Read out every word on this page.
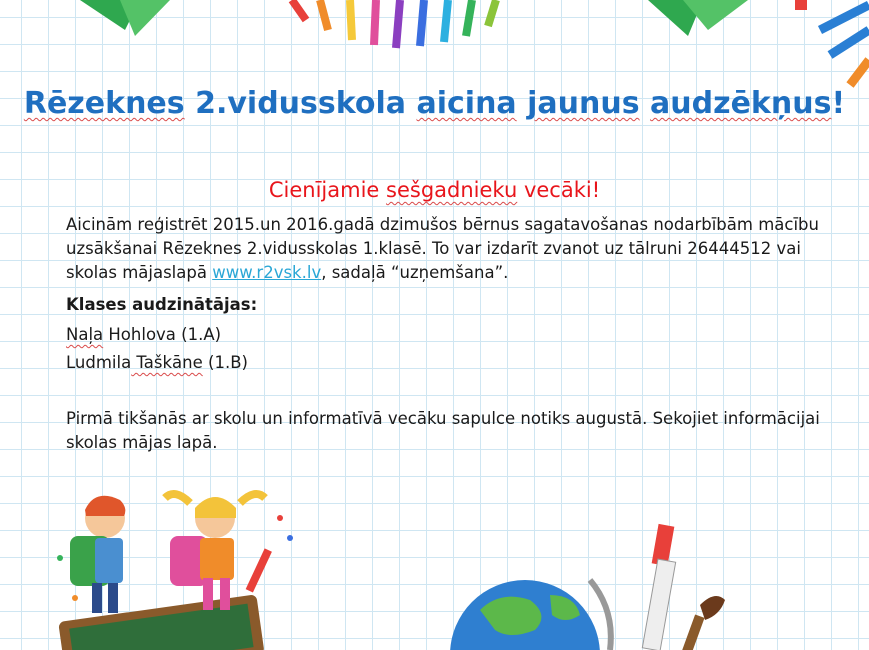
Rēzeknes 2.vidusskola aicina jaunus audzēkņus!
Cienījamie sešgadnieku vecāki!

Aicinām reģistrēt 2015.un 2016.gadā dzimušos bērnus sagatavošanas nodarbībām mācību uzsākšanai Rēzeknes 2.vidusskolas 1.klasē. To var izdarīt zvanot uz tālruni 26444512 vai skolas mājaslapā www.r2vsk.lv, sadaļā “uzņemšana”.

Klases audzinātājas:

Naļa Hohlova (1.A)

Ludmila Taškāne (1.B)

Pirmā tikšanās ar skolu un informatīvā vecāku sapulce notiks augustā. Sekojiet informācijai skolas mājas lapā.
